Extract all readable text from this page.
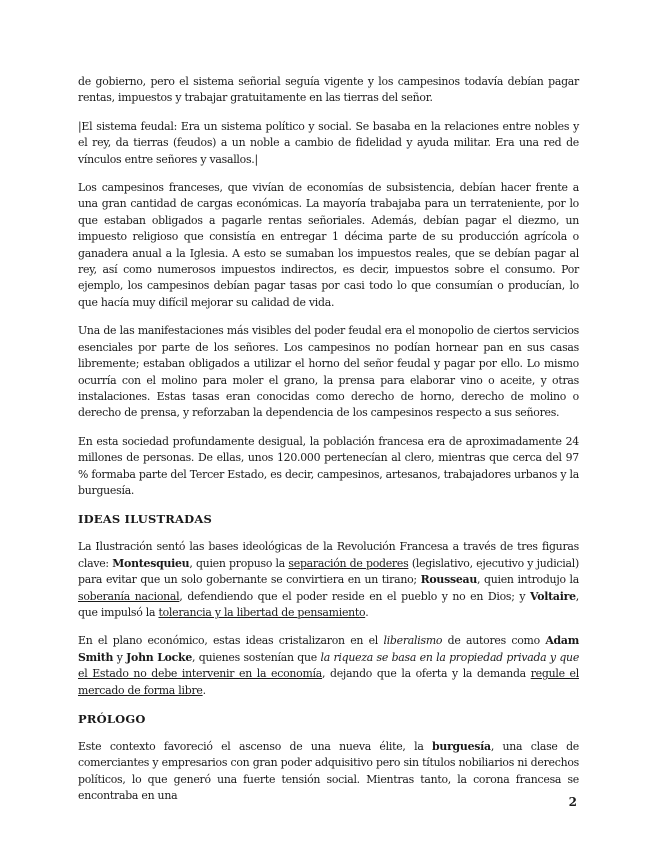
de gobierno, pero el sistema señorial seguía vigente y los campesinos todavía debían pagar rentas, impuestos y trabajar gratuitamente en las tierras del señor.

|El sistema feudal: Era un sistema político y social. Se basaba en la relaciones entre nobles y el rey, da tierras (feudos) a un noble a cambio de fidelidad y ayuda militar. Era una red de vínculos entre señores y vasallos.|

Los campesinos franceses, que vivían de economías de subsistencia, debían hacer frente a una gran cantidad de cargas económicas. La mayoría trabajaba para un terrateniente, por lo que estaban obligados a pagarle rentas señoriales. Además, debían pagar el diezmo, un impuesto religioso que consistía en entregar 1 décima parte de su producción agrícola o ganadera anual a la Iglesia. A esto se sumaban los impuestos reales, que se debían pagar al rey, así como numerosos impuestos indirectos, es decir, impuestos sobre el consumo. Por ejemplo, los campesinos debían pagar tasas por casi todo lo que consumían o producían, lo que hacía muy difícil mejorar su calidad de vida.

Una de las manifestaciones más visibles del poder feudal era el monopolio de ciertos servicios esenciales por parte de los señores. Los campesinos no podían hornear pan en sus casas libremente; estaban obligados a utilizar el horno del señor feudal y pagar por ello. Lo mismo ocurría con el molino para moler el grano, la prensa para elaborar vino o aceite, y otras instalaciones. Estas tasas eran conocidas como derecho de horno, derecho de molino o derecho de prensa, y reforzaban la dependencia de los campesinos respecto a sus señores.

En esta sociedad profundamente desigual, la población francesa era de aproximadamente 24 millones de personas. De ellas, unos 120.000 pertenecían al clero, mientras que cerca del 97 % formaba parte del Tercer Estado, es decir, campesinos, artesanos, trabajadores urbanos y la burguesía.

IDEAS ILUSTRADAS

La Ilustración sentó las bases ideológicas de la Revolución Francesa a través de tres figuras clave: Montesquieu, quien propuso la separación de poderes (legislativo, ejecutivo y judicial) para evitar que un solo gobernante se convirtiera en un tirano; Rousseau, quien introdujo la soberanía nacional, defendiendo que el poder reside en el pueblo y no en Dios; y Voltaire, que impulsó la tolerancia y la libertad de pensamiento.

En el plano económico, estas ideas cristalizaron en el liberalismo de autores como Adam Smith y John Locke, quienes sostenían que la riqueza se basa en la propiedad privada y que el Estado no debe intervenir en la economía, dejando que la oferta y la demanda regule el mercado de forma libre.

PRÓLOGO

Este contexto favoreció el ascenso de una nueva élite, la burguesía, una clase de comerciantes y empresarios con gran poder adquisitivo pero sin títulos nobiliarios ni derechos políticos, lo que generó una fuerte tensión social. Mientras tanto, la corona francesa se encontraba en una	2
